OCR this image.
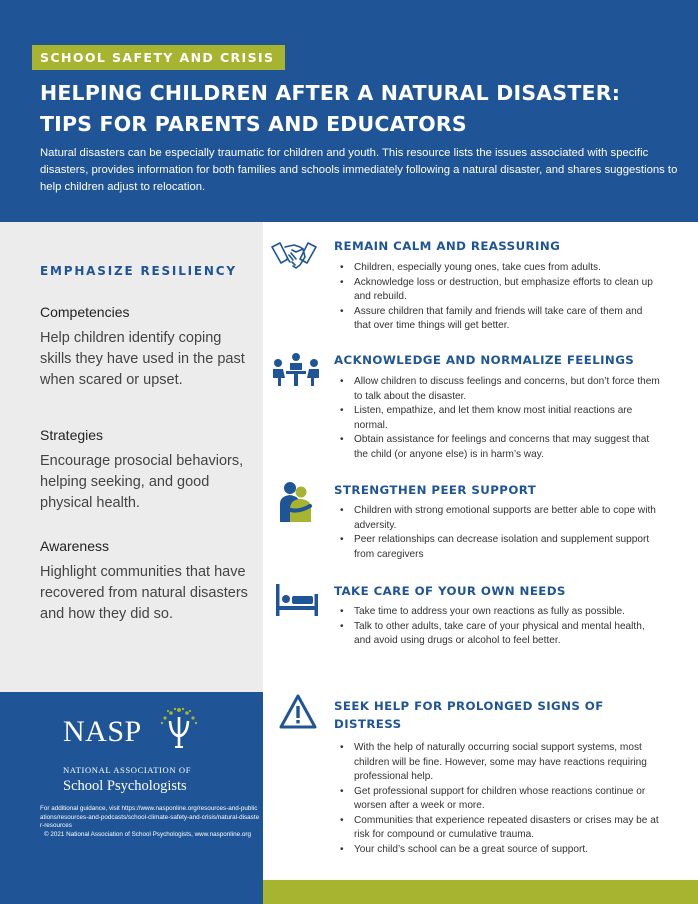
SCHOOL SAFETY AND CRISIS
HELPING CHILDREN AFTER A NATURAL DISASTER:
TIPS FOR PARENTS AND EDUCATORS

Natural disasters can be especially traumatic for children and youth. This resource lists the issues associated with specific disasters, provides information for both families and schools immediately following a natural disaster, and shares suggestions to help children adjust to relocation.

EMPHASIZE RESILIENCY
Competencies

Help children identify coping skills they have used in the past when scared or upset.

Strategies

Encourage prosocial behaviors, helping seeking, and good physical health.

Awareness

Highlight communities that have recovered from natural disasters and how they did so.

NASP
NATIONAL ASSOCIATION OF
School Psychologists
For additional guidance, visit https://www.nasponline.org/resources-and-publications/resources-and-podcasts/school-climate-safety-and-crisis/natural-disaster-resources
© 2021 National Association of School Psychologists, www.nasponline.org
REMAIN CALM AND REASSURING
• Children, especially young ones, take cues from adults.
• Acknowledge loss or destruction, but emphasize efforts to clean up and rebuild.
• Assure children that family and friends will take care of them and that over time things will get better.
ACKNOWLEDGE AND NORMALIZE FEELINGS
• Allow children to discuss feelings and concerns, but don’t force them to talk about the disaster.
• Listen, empathize, and let them know most initial reactions are normal.
• Obtain assistance for feelings and concerns that may suggest that the child (or anyone else) is in harm’s way.
STRENGTHEN PEER SUPPORT
• Children with strong emotional supports are better able to cope with adversity.
• Peer relationships can decrease isolation and supplement support from caregivers
TAKE CARE OF YOUR OWN NEEDS
• Take time to address your own reactions as fully as possible.
• Talk to other adults, take care of your physical and mental health, and avoid using drugs or alcohol to feel better.
SEEK HELP FOR PROLONGED SIGNS OF
DISTRESS
• With the help of naturally occurring social support systems, most children will be fine. However, some may have reactions requiring professional help.
• Get professional support for children whose reactions continue or worsen after a week or more.
• Communities that experience repeated disasters or crises may be at risk for compound or cumulative trauma.
• Your child’s school can be a great source of support.
